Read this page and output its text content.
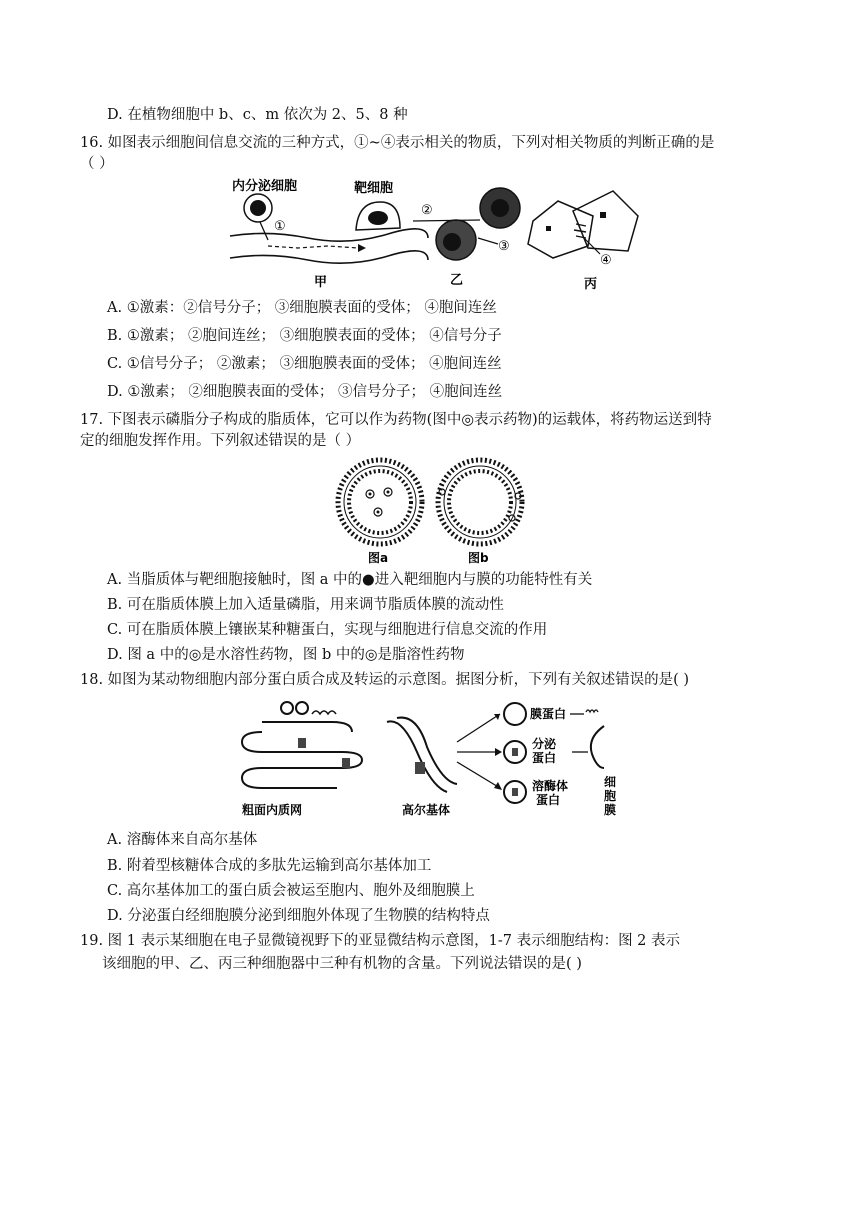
D. 在植物细胞中 b、c、m 依次为 2、5、8 种
16. 如图表示细胞间信息交流的三种方式，①~④表示相关的物质，下列对相关物质的判断正确的是
（ ）
内分泌细胞
①
甲
靶细胞
②
③
乙
④
丙
A. ①激素：②信号分子； ③细胞膜表面的受体； ④胞间连丝
B. ①激素； ②胞间连丝； ③细胞膜表面的受体； ④信号分子
C. ①信号分子； ②激素； ③细胞膜表面的受体； ④胞间连丝
D. ①激素； ②细胞膜表面的受体； ③信号分子； ④胞间连丝
17. 下图表示磷脂分子构成的脂质体，它可以作为药物(图中◎表示药物)的运载体，将药物运送到特
定的细胞发挥作用。下列叙述错误的是（ ）
图a	图b
A. 当脂质体与靶细胞接触时，图 a 中的●进入靶细胞内与膜的功能特性有关
B. 可在脂质体膜上加入适量磷脂，用来调节脂质体膜的流动性
C. 可在脂质体膜上镶嵌某种糖蛋白，实现与细胞进行信息交流的作用
D. 图 a 中的◎是水溶性药物，图 b 中的◎是脂溶性药物
18. 如图为某动物细胞内部分蛋白质合成及转运的示意图。据图分析，下列有关叙述错误的是( )
粗面内质网	高尔基体
膜蛋白
分泌
蛋白
溶酶体
蛋白
细
胞
膜
A. 溶酶体来自高尔基体
B. 附着型核糖体合成的多肽先运输到高尔基体加工
C. 高尔基体加工的蛋白质会被运至胞内、胞外及细胞膜上
D. 分泌蛋白经细胞膜分泌到细胞外体现了生物膜的结构特点
19. 图 1 表示某细胞在电子显微镜视野下的亚显微结构示意图，1-7 表示细胞结构：图 2 表示
该细胞的甲、乙、丙三种细胞器中三种有机物的含量。下列说法错误的是( )
